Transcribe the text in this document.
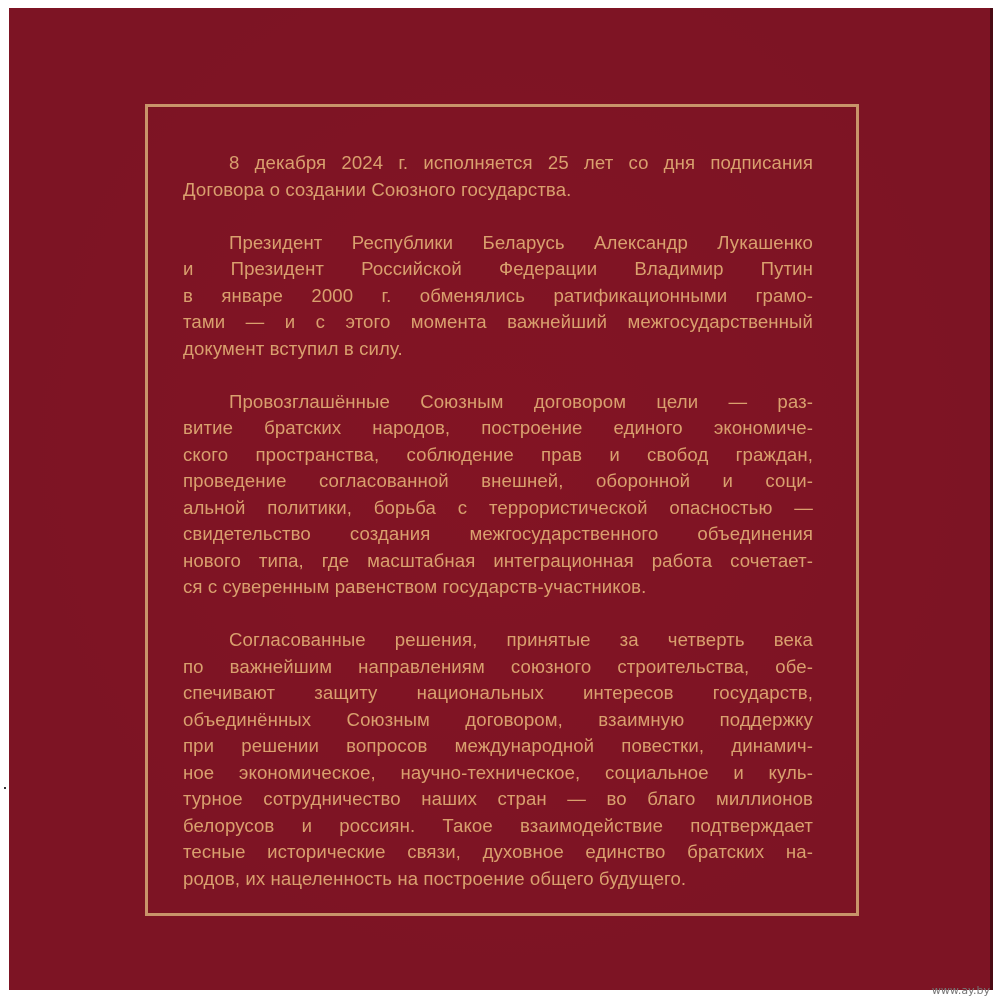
8 декабря 2024 г. исполняется 25 лет со дня подписания
Договора о создании Союзного государства.

Президент Республики Беларусь Александр Лукашенко
и Президент Российской Федерации Владимир Путин
в январе 2000 г. обменялись ратификационными грамо-
тами — и с этого момента важнейший межгосударственный
документ вступил в силу.

Провозглашённые Союзным договором цели — раз-
витие братских народов, построение единого экономиче-
ского пространства, соблюдение прав и свобод граждан,
проведение согласованной внешней, оборонной и соци-
альной политики, борьба с террористической опасностью —
свидетельство создания межгосударственного объединения
нового типа, где масштабная интеграционная работа сочетает-
ся с суверенным равенством государств-участников.

Согласованные решения, принятые за четверть века
по важнейшим направлениям союзного строительства, обе-
спечивают защиту национальных интересов государств,
объединённых Союзным договором, взаимную поддержку
при решении вопросов международной повестки, динамич-
ное экономическое, научно-техническое, социальное и куль-
турное сотрудничество наших стран — во благо миллионов
белорусов и россиян. Такое взаимодействие подтверждает
тесные исторические связи, духовное единство братских на-
родов, их нацеленность на построение общего будущего.

www.ay.by
